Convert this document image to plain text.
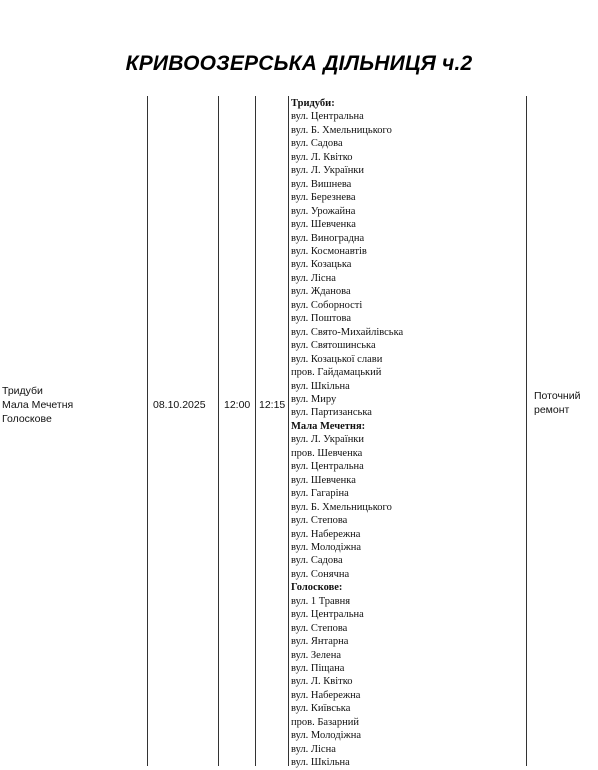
КРИВООЗЕРСЬКА ДІЛЬНИЦЯ ч.2
Тридуби
Мала Мечетня
Голоскове
08.10.2025 12:00 12:15
Тридуби:
вул. Центральна
вул. Б. Хмельницького
вул. Садова
вул. Л. Квітко
вул. Л. Українки
вул. Вишнева
вул. Березнева
вул. Урожайна
вул. Шевченка
вул. Виноградна
вул. Космонавтів
вул. Козацька
вул. Лісна
вул. Жданова
вул. Соборності
вул. Поштова
вул. Свято-Михайлівська
вул. Святошинська
вул. Козацької слави
пров. Гайдамацький
вул. Шкільна
вул. Миру
вул. Партизанська
Мала Мечетня:
вул. Л. Українки
пров. Шевченка
вул. Центральна
вул. Шевченка
вул. Гагаріна
вул. Б. Хмельницького
вул. Степова
вул. Набережна
вул. Молодіжна
вул. Садова
вул. Сонячна
Голоскове:
вул. 1 Травня
вул. Центральна
вул. Степова
вул. Янтарна
вул. Зелена
вул. Піщана
вул. Л. Квітко
вул. Набережна
вул. Київська
пров. Базарний
вул. Молодіжна
вул. Лісна
вул. Шкільна
Поточний
ремонт
